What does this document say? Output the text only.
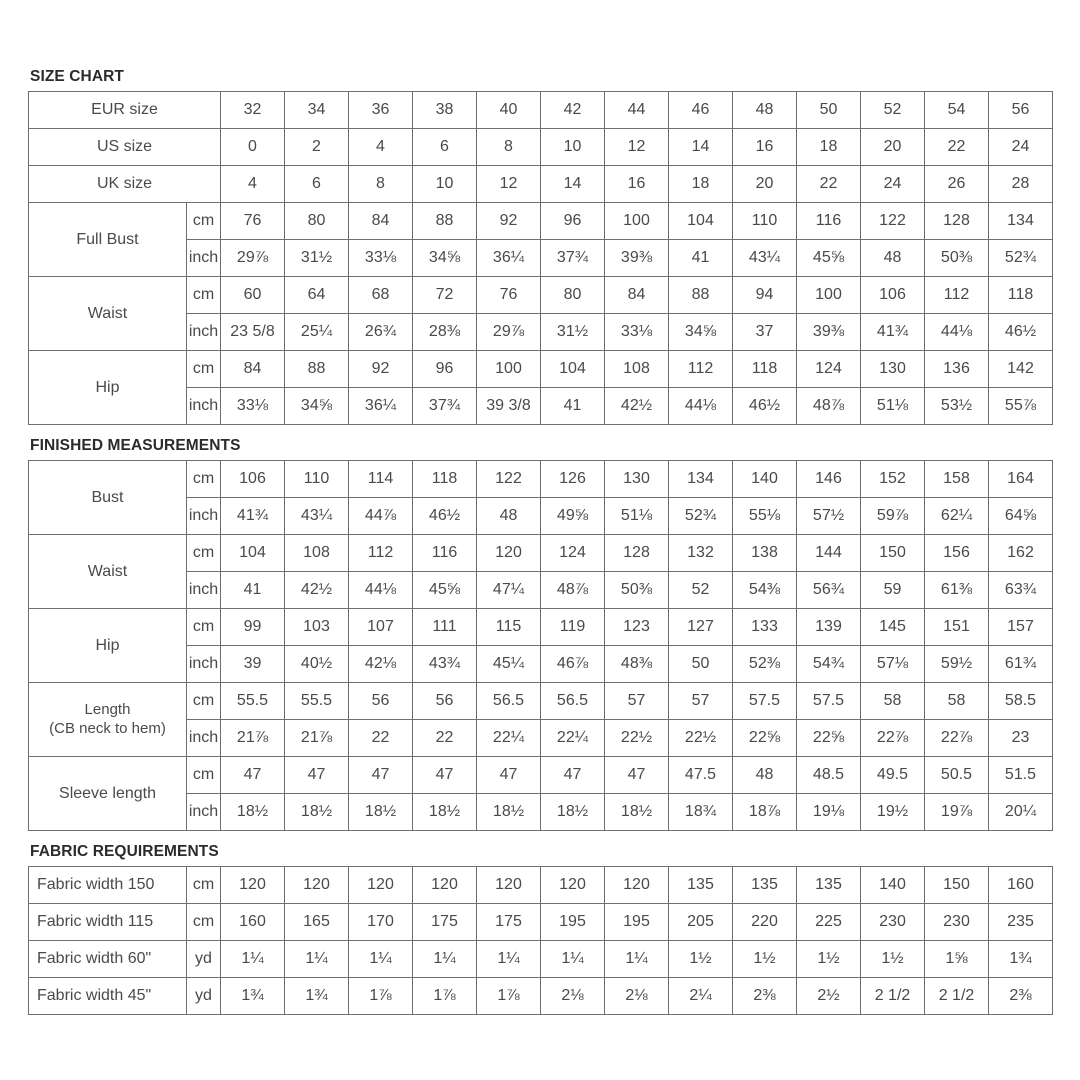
SIZE CHART
EUR size		32	34	36	38	40	42	44	46	48	50	52	54	56
US size		0	2	4	6	8	10	12	14	16	18	20	22	24
UK size		4	6	8	10	12	14	16	18	20	22	24	26	28
Full Bust	cm	76	80	84	88	92	96	100	104	110	116	122	128	134
	inch	29⅞	31½	33⅛	34⅝	36¼	37¾	39⅜	41	43¼	45⅝	48	50⅜	52¾
Waist	cm	60	64	68	72	76	80	84	88	94	100	106	112	118
	inch	23 5/8	25¼	26¾	28⅜	29⅞	31½	33⅛	34⅝	37	39⅜	41¾	44⅛	46½
Hip	cm	84	88	92	96	100	104	108	112	118	124	130	136	142
	inch	33⅛	34⅝	36¼	37¾	39 3/8	41	42½	44⅛	46½	48⅞	51⅛	53½	55⅞
FINISHED MEASUREMENTS
Bust	cm	106	110	114	118	122	126	130	134	140	146	152	158	164
	inch	41¾	43¼	44⅞	46½	48	49⅝	51⅛	52¾	55⅛	57½	59⅞	62¼	64⅝
Waist	cm	104	108	112	116	120	124	128	132	138	144	150	156	162
	inch	41	42½	44⅛	45⅝	47¼	48⅞	50⅜	52	54⅜	56¾	59	61⅜	63¾
Hip	cm	99	103	107	111	115	119	123	127	133	139	145	151	157
	inch	39	40½	42⅛	43¾	45¼	46⅞	48⅜	50	52⅜	54¾	57⅛	59½	61¾

Length
(CB neck to hem)	cm	55.5	55.5	56	56	56.5	56.5	57	57	57.5	57.5	58	58	58.5
	inch	21⅞	21⅞	22	22	22¼	22¼	22½	22½	22⅝	22⅝	22⅞	22⅞	23
Sleeve length	cm	47	47	47	47	47	47	47	47.5	48	48.5	49.5	50.5	51.5
	inch	18½	18½	18½	18½	18½	18½	18½	18¾	18⅞	19⅛	19½	19⅞	20¼
FABRIC REQUIREMENTS
Fabric width 150	cm	120	120	120	120	120	120	120	135	135	135	140	150	160
Fabric width 115	cm	160	165	170	175	175	195	195	205	220	225	230	230	235
Fabric width 60"	yd	1¼	1¼	1¼	1¼	1¼	1¼	1¼	1½	1½	1½	1½	1⅝	1¾
Fabric width 45"	yd	1¾	1¾	1⅞	1⅞	1⅞	2⅛	2⅛	2¼	2⅜	2½	2 1/2	2 1/2	2⅜
